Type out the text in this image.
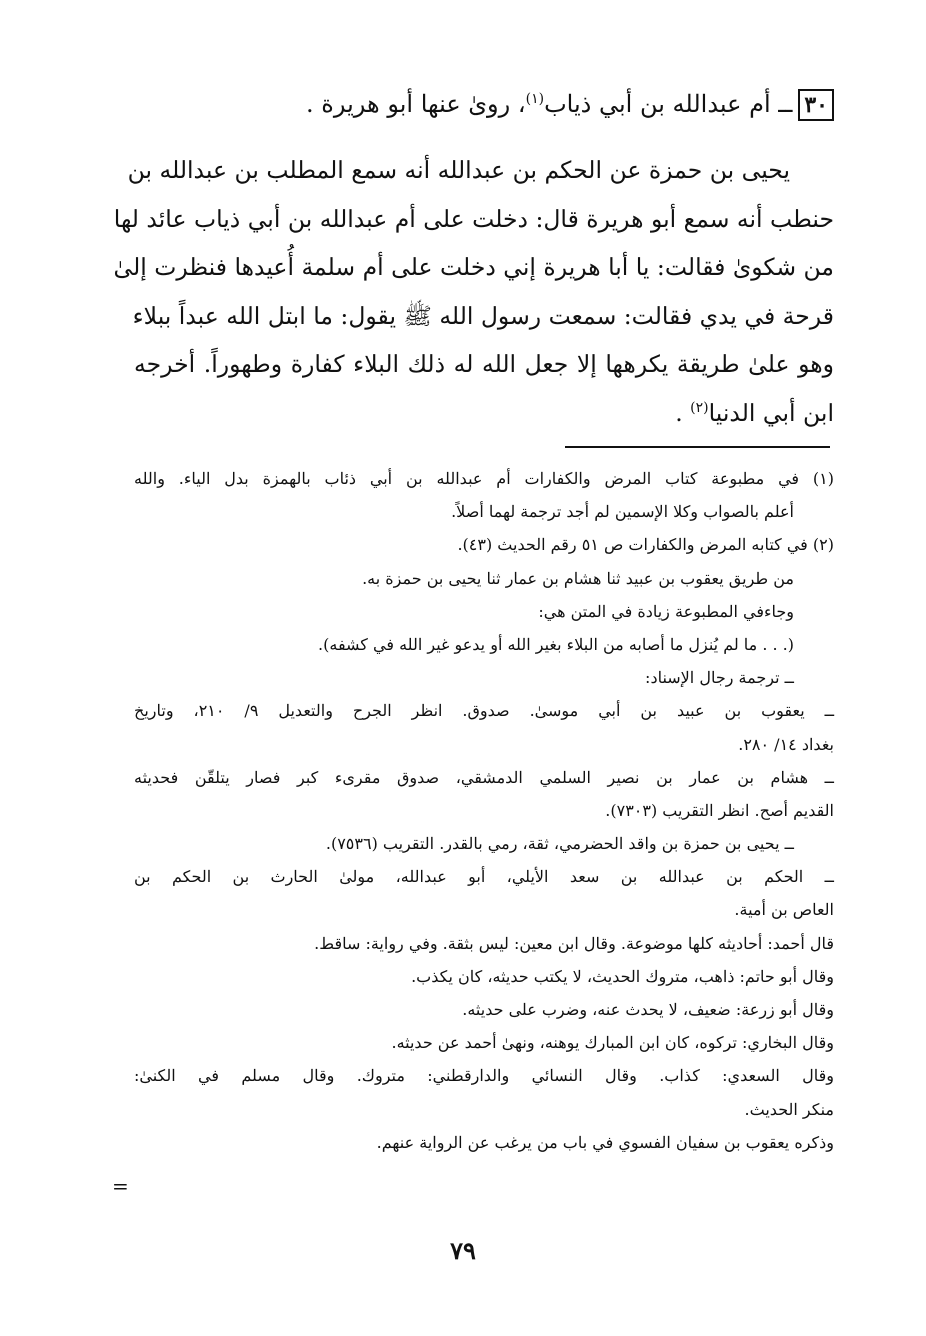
٣٠ــ أم عبدالله بن أبي ذياب$^{(١)}$، روىٰ عنها أبو هريرة .
يحيى بن حمزة عن الحكم بن عبدالله أنه سمع المطلب بن عبدالله بن
حنطب أنه سمع أبو هريرة قال: دخلت على أم عبدالله بن أبي ذياب عائد لها
من شكوىٰ فقالت: يا أبا هريرة إني دخلت على أم سلمة أُعيدها فنظرت إلىٰ
قرحة في يدي فقالت: سمعت رسول الله ﷺ يقول: ما ابتل الله عبداً ببلاء
وهو علىٰ طريقة يكرهها إلا جعل الله له ذلك البلاء كفارة وطهوراً. أخرجه
ابن أبي الدنيا$^{(٢)}$ .
(١) في مطبوعة كتاب المرض والكفارات أم عبدالله بن أبي ذئاب بالهمزة بدل الياء. والله
أعلم بالصواب وكلا الإسمين لم أجد ترجمة لهما أصلاً.
(٢) في كتابه المرض والكفارات ص ٥١ رقم الحديث (٤٣).
من طريق يعقوب بن عبيد ثنا هشام بن عمار ثنا يحيى بن حمزة به.
وجاءفي المطبوعة زيادة في المتن هي:
(. . . ما لم يُنزل ما أصابه من البلاء بغير الله أو يدعو غير الله في كشفه).
ــ ترجمة رجال الإسناد:
ــ يعقوب بن عبيد بن أبي موسىٰ. صدوق. انظر الجرح والتعديل ٩/ ٢١٠، وتاريخ
بغداد ١٤/ ٢٨٠.
ــ هشام بن عمار بن نصير السلمي الدمشقي، صدوق مقرىء كبر فصار يتلقّن فحديثه
القديم أصح. انظر التقريب (٧٣٠٣).
ــ يحيى بن حمزة بن واقد الحضرمي، ثقة، رمي بالقدر. التقريب (٧٥٣٦).
ــ الحكم بن عبدالله بن سعد الأيلي، أبو عبدالله، مولىٰ الحارث بن الحكم بن
العاص بن أمية.
قال أحمد: أحاديثه كلها موضوعة. وقال ابن معين: ليس بثقة. وفي رواية: ساقط.
وقال أبو حاتم: ذاهب، متروك الحديث، لا يكتب حديثه، كان يكذب.
وقال أبو زرعة: ضعيف، لا يحدث عنه، وضرب على حديثه.
وقال البخاري: تركوه، كان ابن المبارك يوهنه، ونهىٰ أحمد عن حديثه.
وقال السعدي: كذاب. وقال النسائي والدارقطني: متروك. وقال مسلم في الكنىٰ:
منكر الحديث.
وذكره يعقوب بن سفيان الفسوي في باب من يرغب عن الرواية عنهم.
=
٧٩
